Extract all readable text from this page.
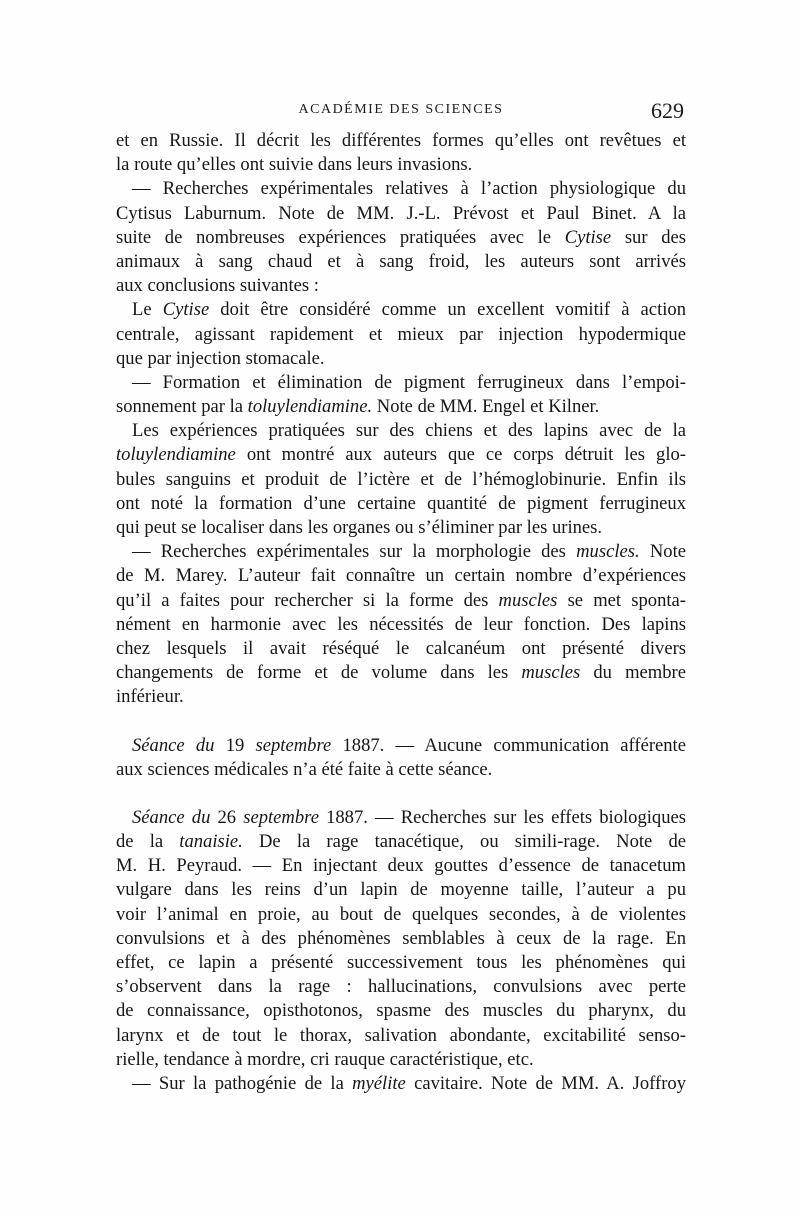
ACADÉMIE DES SCIENCES	629
et en Russie. Il décrit les différentes formes qu’elles ont revêtues et
la route qu’elles ont suivie dans leurs invasions.
— Recherches expérimentales relatives à l’action physiologique du
Cytisus Laburnum. Note de MM. J.-L. Prévost et Paul Binet. A la
suite de nombreuses expériences pratiquées avec le Cytise sur des
animaux à sang chaud et à sang froid, les auteurs sont arrivés
aux conclusions suivantes :
Le Cytise doit être considéré comme un excellent vomitif à action
centrale, agissant rapidement et mieux par injection hypodermique
que par injection stomacale.
— Formation et élimination de pigment ferrugineux dans l’empoi-
sonnement par la toluylendiamine. Note de MM. Engel et Kilner.
Les expériences pratiquées sur des chiens et des lapins avec de la
toluylendiamine ont montré aux auteurs que ce corps détruit les glo-
bules sanguins et produit de l’ictère et de l’hémoglobinurie. Enfin ils
ont noté la formation d’une certaine quantité de pigment ferrugineux
qui peut se localiser dans les organes ou s’éliminer par les urines.
— Recherches expérimentales sur la morphologie des muscles. Note
de M. Marey. L’auteur fait connaître un certain nombre d’expériences
qu’il a faites pour rechercher si la forme des muscles se met sponta-
nément en harmonie avec les nécessités de leur fonction. Des lapins
chez lesquels il avait réséqué le calcanéum ont présenté divers
changements de forme et de volume dans les muscles du membre
inférieur.
Séance du 19 septembre 1887. — Aucune communication afférente
aux sciences médicales n’a été faite à cette séance.
Séance du 26 septembre 1887. — Recherches sur les effets biologiques
de la tanaisie. De la rage tanacétique, ou simili-rage. Note de
M. H. Peyraud. — En injectant deux gouttes d’essence de tanacetum
vulgare dans les reins d’un lapin de moyenne taille, l’auteur a pu
voir l’animal en proie, au bout de quelques secondes, à de violentes
convulsions et à des phénomènes semblables à ceux de la rage. En
effet, ce lapin a présenté successivement tous les phénomènes qui
s’observent dans la rage : hallucinations, convulsions avec perte
de connaissance, opisthotonos, spasme des muscles du pharynx, du
larynx et de tout le thorax, salivation abondante, excitabilité senso-
rielle, tendance à mordre, cri rauque caractéristique, etc.
— Sur la pathogénie de la myélite cavitaire. Note de MM. A. Joffroy
